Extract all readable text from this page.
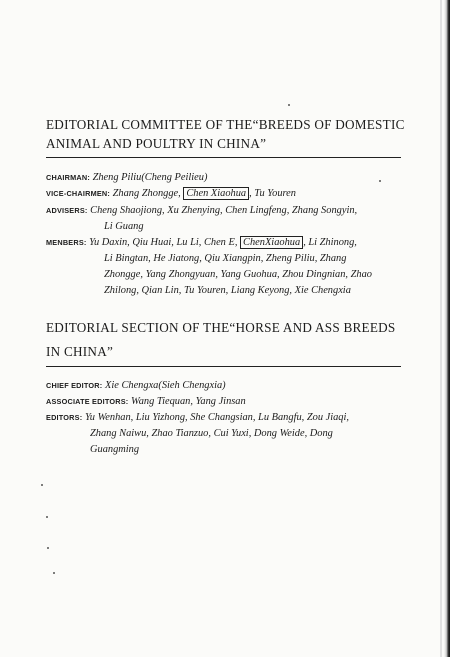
EDITORIAL COMMITTEE OF THE“BREEDS OF DOMESTIC
ANIMAL AND POULTRY IN CHINA”
CHAIRMAN: Zheng Piliu(Cheng Peilieu)
VICE-CHAIRMEN: Zhang Zhongge, Chen Xiaohua , Tu Youren
ADVISERS: Cheng Shaojiong, Xu Zhenying, Chen Lingfeng, Zhang Songyin,
Li Guang
MENBERS: Yu Daxin, Qiu Huai, Lu Li, Chen E, ChenXiaohua , Li Zhinong,
Li Bingtan, He Jiatong, Qiu Xiangpin, Zheng Piliu, Zhang
Zhongge, Yang Zhongyuan, Yang Guohua, Zhou Dingnian, Zhao
Zhilong, Qian Lin, Tu Youren, Liang Keyong, Xie Chengxia
EDITORIAL SECTION OF THE“HORSE AND ASS BREEDS
IN CHINA”
CHIEF EDITOR: Xie Chengxa(Sieh Chengxia)
ASSOCIATE EDITORS: Wang Tiequan, Yang Jinsan
EDITORS: Yu Wenhan, Liu Yizhong, She Changsian, Lu Bangfu, Zou Jiaqi,
Zhang Naiwu, Zhao Tianzuo, Cui Yuxi, Dong Weide, Dong
Guangming
